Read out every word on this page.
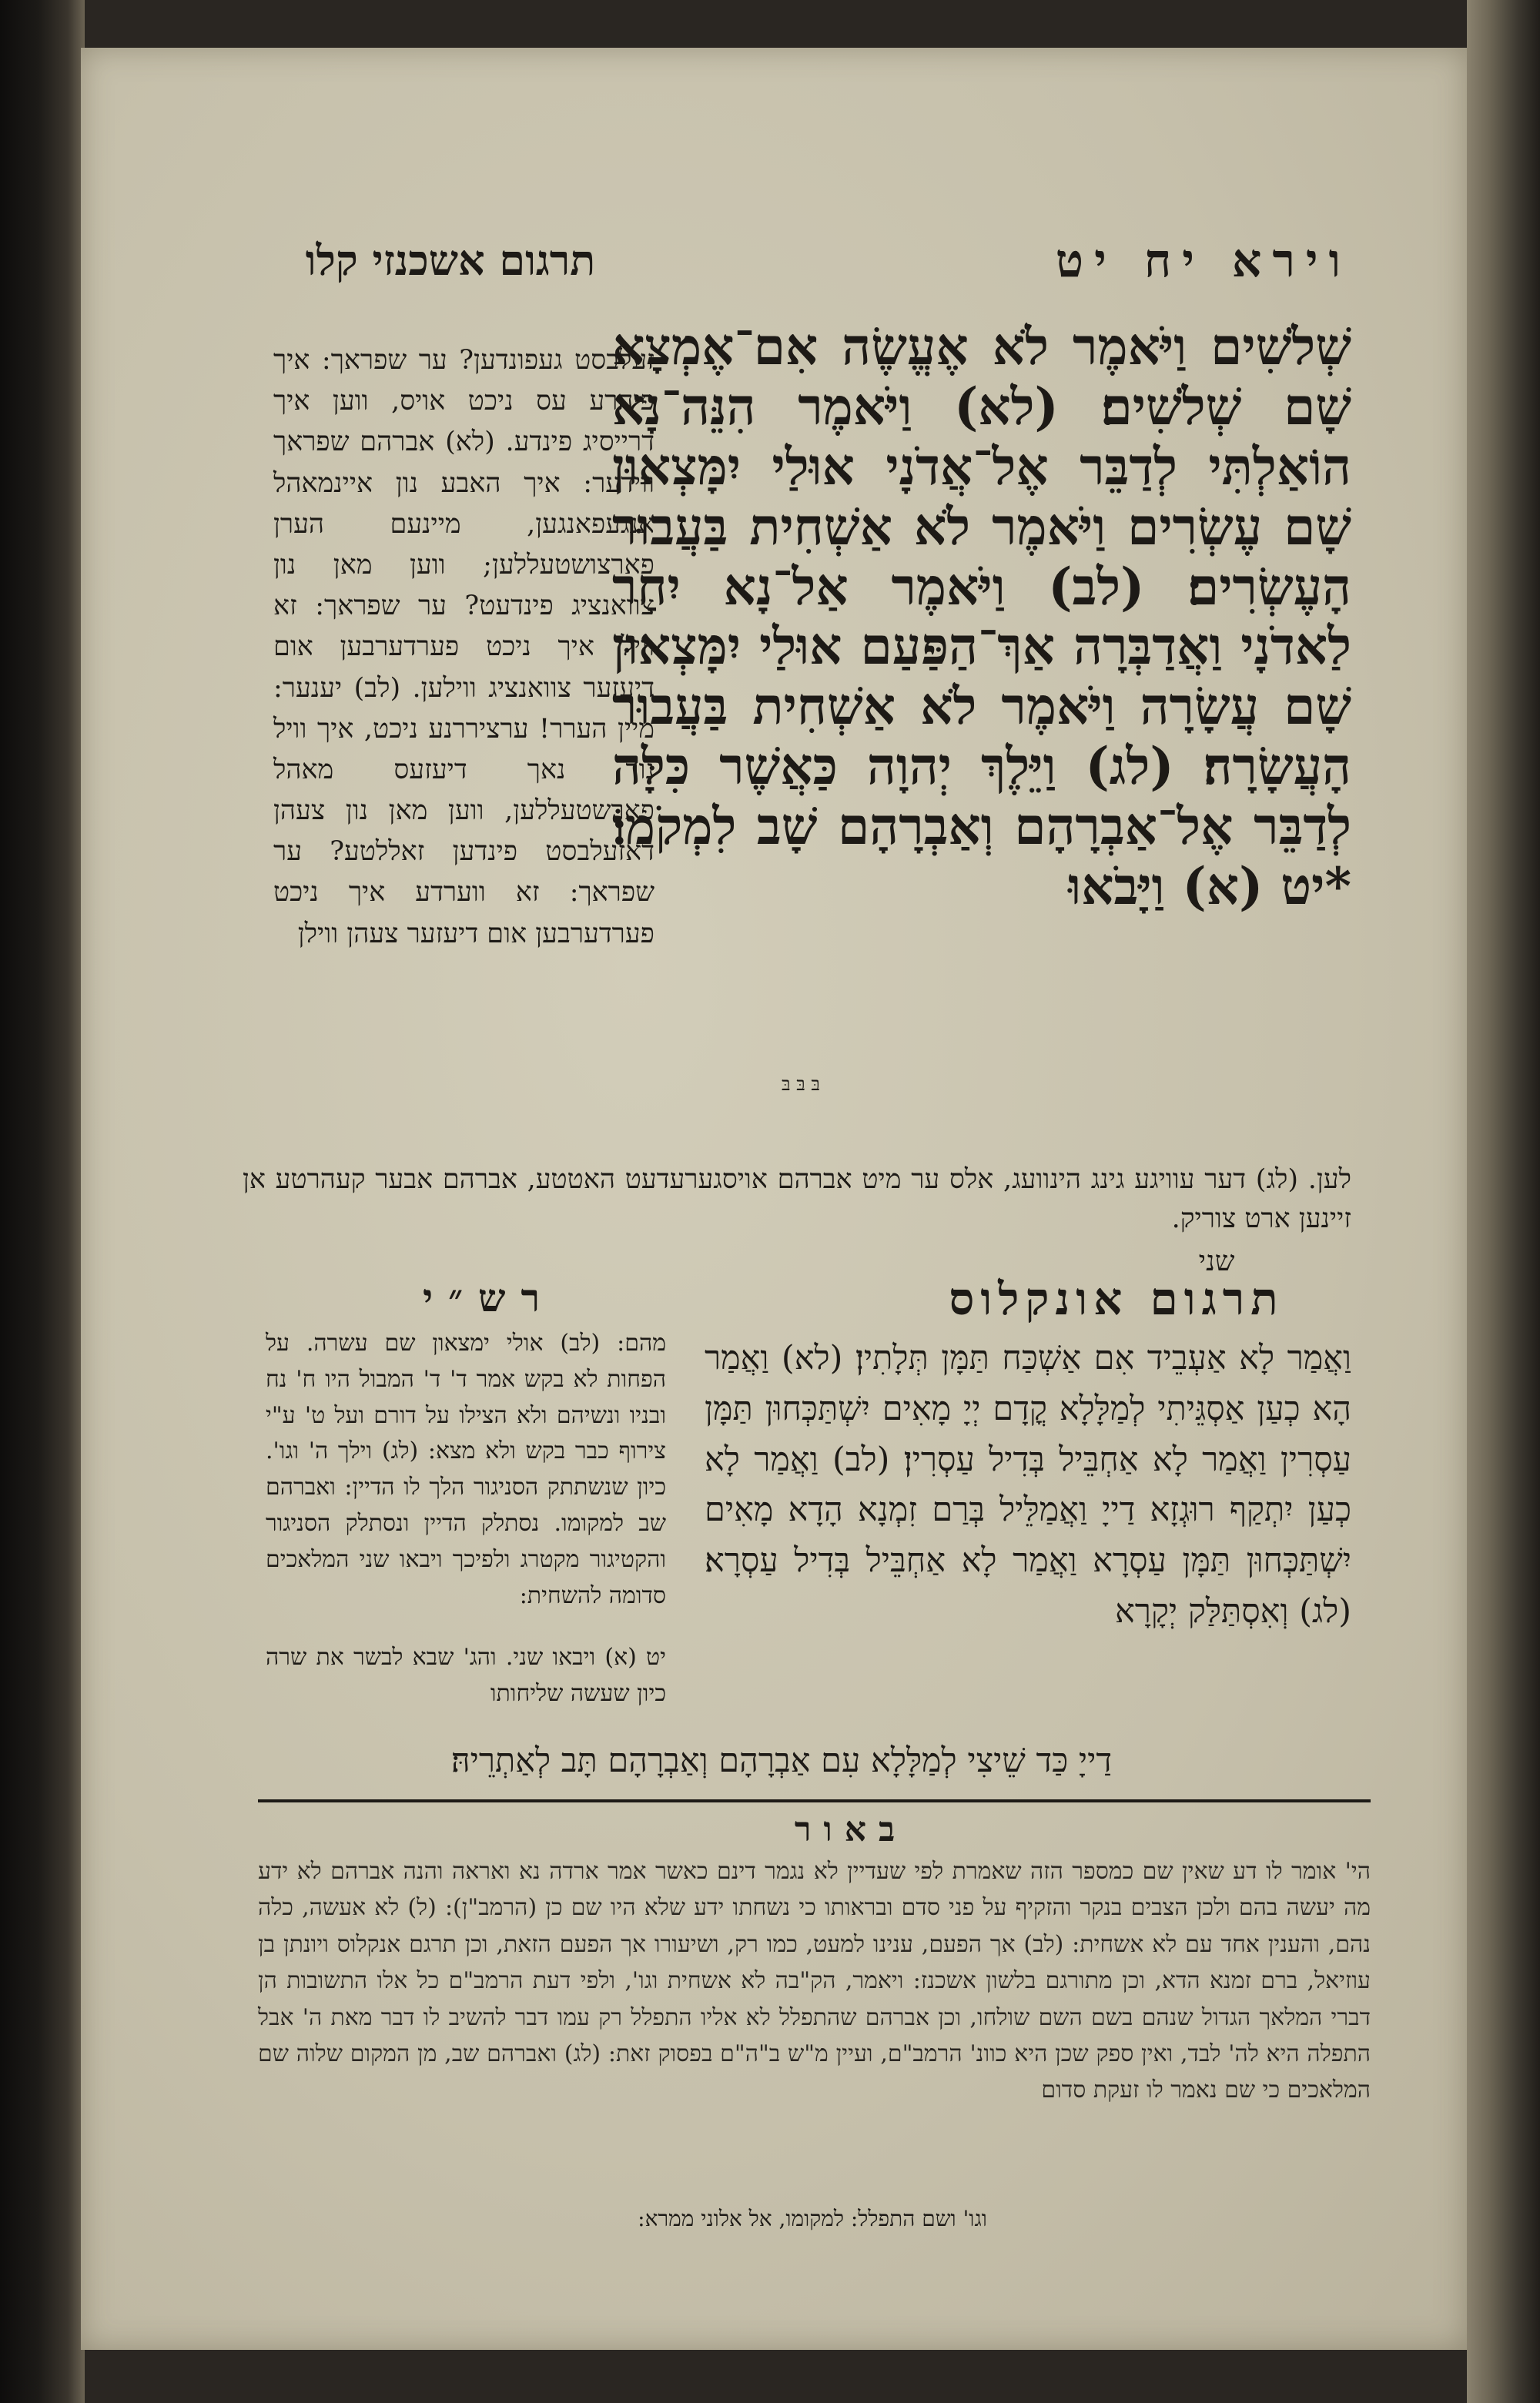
וירא יח יט
תרגום אשכנזי קלו
שְׁלֹשִׁים וַיֹּאמֶר לֹא אֶעֱשֶׂה אִם־אֶמְצָא שָׁם שְׁלֹשִׁים׃ (לא) וַיֹּאמֶר הִנֵּה־נָא הוֹאַלְתִּי לְדַבֵּר אֶל־אֲדֹנָי אוּלַי יִמָּצְאוּן שָׁם עֶשְׂרִים וַיֹּאמֶר לֹא אַשְׁחִית בַּעֲבוּר הָעֶשְׂרִים׃ (לב) וַיֹּאמֶר אַל־נָא יִחַר לַאדֹנָי וַאֲדַבְּרָה אַךְ־הַפַּעַם אוּלַי יִמָּצְאוּן שָׁם עֲשָׂרָה וַיֹּאמֶר לֹא אַשְׁחִית בַּעֲבוּר הָעֲשָׂרָה׃ (לג) וַיֵּלֶךְ יְהוָה כַּאֲשֶׁר כִּלָּה לְדַבֵּר אֶל־אַבְרָהָם וְאַבְרָהָם שָׁב לִמְקֹמוֹ׃ *יט (א) וַיָּבֹאוּ
בּ בּ בּ
זעלבסט געפונדען? ער שפראך: איך פיהרע עס ניכט אויס, ווען איך דרייסיג פינדע. (לא) אברהם שפראך ווידער: איך האבע נון איינמאהל אנגעפאנגען, מיינעם הערן פארצושטעללען; ווען מאן נון צוואנציג פינדעט? ער שפראך: זא וויל איך ניכט פערדערבען אום דיעזער צוואנציג ווילען. (לב) יענער: מיין הערר! ערציררנע ניכט, איך וויל נור נאך דיעזעס מאהל פארשטעללען, ווען מאן נון צעהן דאזעלבסט פינדען זאללטע? ער שפראך: זא ווערדע איך ניכט פערדערבען אום דיעזער צעהן ווילן
לען. (לג) דער עוויגע גינג הינוועג, אלס ער מיט אברהם אויסגערעדעט האטטע, אברהם אבער קעהרטע אן זיינען ארט צוריק.
שני
תרגום אונקלוס
רש״י
וַאֲמַר לָא אַעְבֵיד אִם אַשְׁכַּח תַּמָּן תְּלָתִין׃ (לא) וַאֲמַר הָא כְעַן אַסְגֵּיתִי לְמַלָּלָא קֳדָם יְיָ מָאִים יִשְׁתַּכְּחוּן תַּמָּן עַסְרִין וַאֲמַר לָא אַחְבֵּיל בְּדִיל עַסְרִין׃ (לב) וַאֲמַר לָא כְעַן יִתְקַף רוּגְזָא דַייָ וַאֲמַלֵּיל בְּרַם זִמְנָא הָדָא מָאִים יִשְׁתַּכְּחוּן תַּמָּן עַסְרָא וַאֲמַר לָא אַחְבֵּיל בְּדִיל עַסְרָא׃ (לג) וְאִסְתַּלַּק יְקָרָא
מהם: (לב) אולי ימצאון שם עשרה. על הפחות לא בקש אמר ד' ד' המבול היו ח' נח ובניו ונשיהם ולא הצילו על דורם ועל ט' ע"י צירוף כבר בקש ולא מצא: (לג) וילך ה' וגו'. כיון שנשתתק הסניגור הלך לו הדיין: ואברהם שב למקומו. נסתלק הדיין ונסתלק הסניגור והקטיגור מקטרג ולפיכך ויבאו שני המלאכים סדומה להשחית:
יט (א) ויבאו שני. והג' שבא לבשר את שרה כיון שעשה שליחותו
דַייָ כַּד שֵׁיצִי לְמַלָּלָא עִם אַבְרָהָם וְאַבְרָהָם תָּב לְאַתְרֵיהּ׃
באור
הי' אומר לו דע שאין שם כמספר הזה שאמרת לפי שעדיין לא נגמר דינם כאשר אמר ארדה נא ואראה והנה אברהם לא ידע מה יעשה בהם ולכן הצבים בנקר והזקיף על פני סדם ובראותו כי נשחתו ידע שלא היו שם כן (הרמב"ן): (ל) לא אעשה, כלה נהם, והענין אחד עם לא אשחית: (לב) אך הפעם, ענינו למעט, כמו רק, ושיעורו אך הפעם הזאת, וכן תרגם אנקלוס ויונתן בן עוזיאל, ברם זמנא הדא, וכן מתורגם בלשון אשכנז: ויאמר, הק"בה לא אשחית וגו', ולפי דעת הרמב"ם כל אלו התשובות הן דברי המלאך הגדול שנהם בשם השם שולחו, וכן אברהם שהתפלל לא אליו התפלל רק עמו דבר להשיב לו דבר מאת ה' אבל התפלה היא לה' לבד, ואין ספק שכן היא כוונ' הרמב"ם, ועיין מ"ש ב"ה"ם בפסוק זאת: (לג) ואברהם שב, מן המקום שלוה שם המלאכים כי שם נאמר לו זעקת סדום
וגו' ושם התפלל: למקומו, אל אלוני ממרא:
